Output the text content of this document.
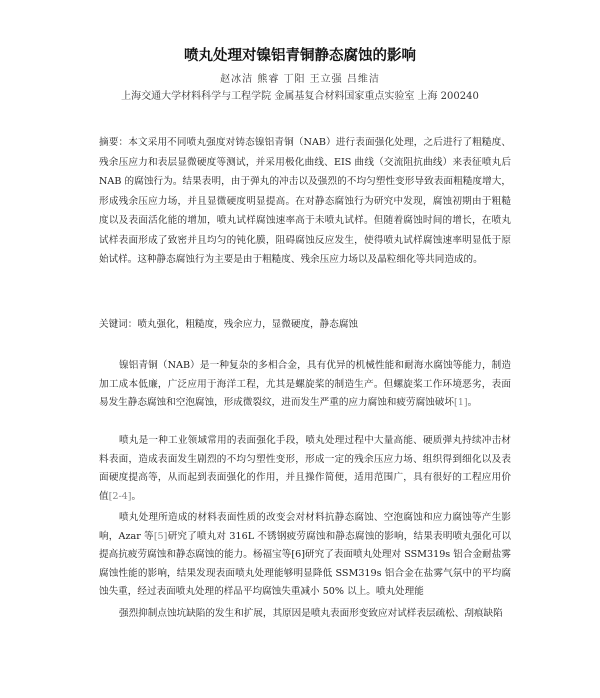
喷丸处理对镍铝青铜静态腐蚀的影响
赵冰洁 熊睿 丁阳 王立强 吕维洁
上海交通大学材料科学与工程学院 金属基复合材料国家重点实验室 上海 200240
摘要：本文采用不同喷丸强度对铸态镍铝青铜（NAB）进行表面强化处理，之后进行了粗糙度、残余压应力和表层显微硬度等测试，并采用极化曲线、EIS 曲线（交流阻抗曲线）来表征喷丸后 NAB 的腐蚀行为。结果表明，由于弹丸的冲击以及强烈的不均匀塑性变形导致表面粗糙度增大，形成残余压应力场，并且显微硬度明显提高。在对静态腐蚀行为研究中发现，腐蚀初期由于粗糙度以及表面活化能的增加，喷丸试样腐蚀速率高于未喷丸试样。但随着腐蚀时间的增长，在喷丸试样表面形成了致密并且均匀的钝化膜，阻碍腐蚀反应发生，使得喷丸试样腐蚀速率明显低于原始试样。这种静态腐蚀行为主要是由于粗糙度、残余压应力场以及晶粒细化等共同造成的。
关键词：喷丸强化，粗糙度，残余应力，显微硬度，静态腐蚀
镍铝青铜（NAB）是一种复杂的多相合金，具有优异的机械性能和耐海水腐蚀等能力，制造加工成本低廉，广泛应用于海洋工程，尤其是螺旋桨的制造生产。但螺旋桨工作环境恶劣，表面易发生静态腐蚀和空泡腐蚀，形成微裂纹，进而发生严重的应力腐蚀和疲劳腐蚀破坏[1]。
喷丸是一种工业领域常用的表面强化手段，喷丸处理过程中大量高能、硬质弹丸持续冲击材料表面，造成表面发生剧烈的不均匀塑性变形，形成一定的残余压应力场、组织得到细化以及表面硬度提高等，从而起到表面强化的作用，并且操作简便，适用范围广，具有很好的工程应用价值[2-4]。
喷丸处理所造成的材料表面性质的改变会对材料抗静态腐蚀、空泡腐蚀和应力腐蚀等产生影响，Azar 等[5]研究了喷丸对 316L 不锈钢疲劳腐蚀和静态腐蚀的影响，结果表明喷丸强化可以提高抗疲劳腐蚀和静态腐蚀的能力。杨福宝等[6]研究了表面喷丸处理对 SSM319s 铝合金耐盐雾腐蚀性能的影响，结果发现表面喷丸处理能够明显降低 SSM319s 铝合金在盐雾气氛中的平均腐蚀失重，经过表面喷丸处理的样品平均腐蚀失重减小 50% 以上。喷丸处理能
强烈抑制点蚀坑缺陷的发生和扩展，其原因是喷丸表面形变致应对试样表层疏松、刮痕缺陷
